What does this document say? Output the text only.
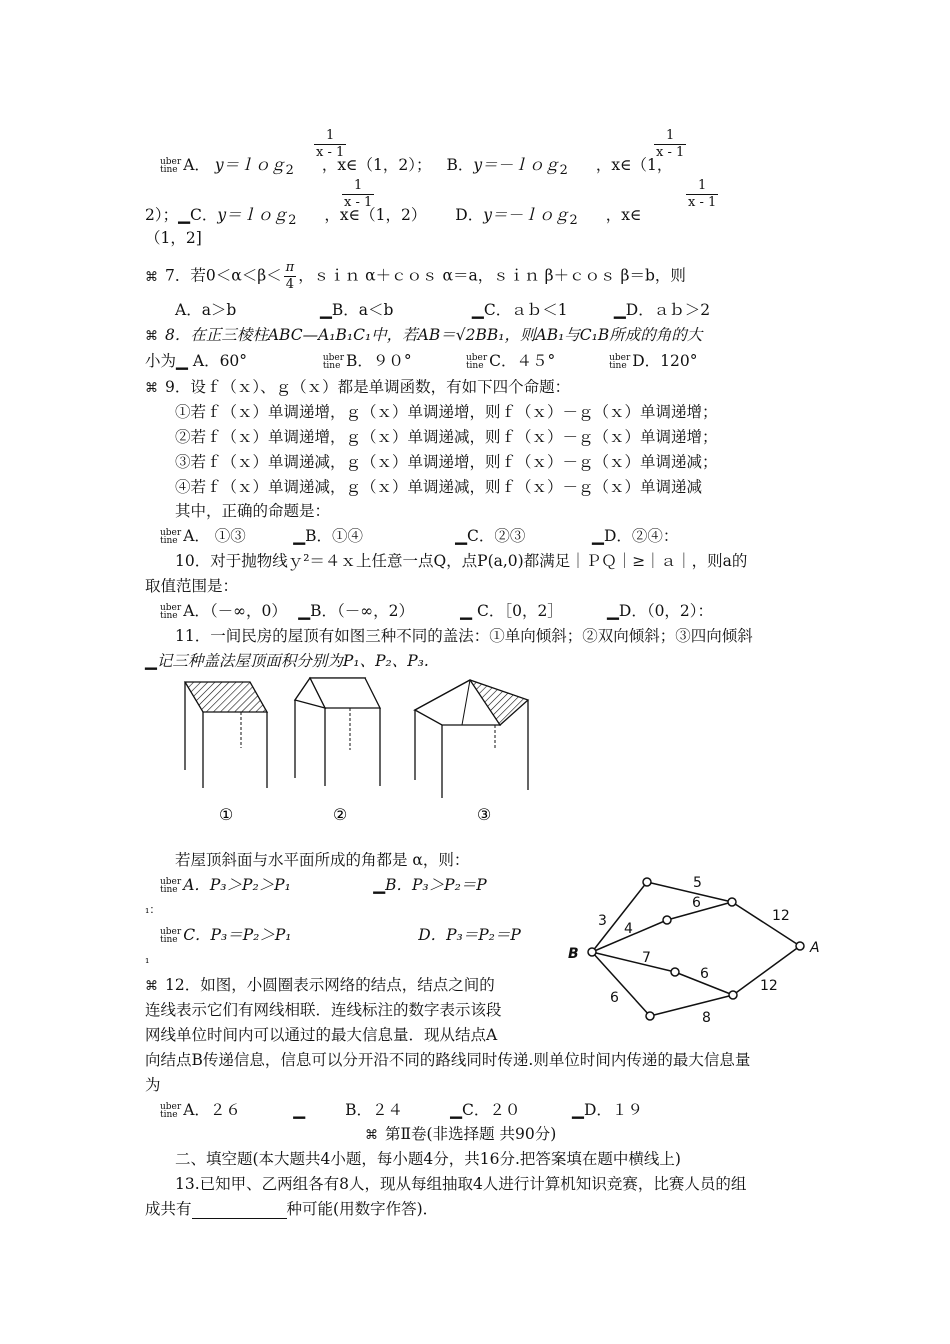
$\frac{1}{x - 1}$	$\frac{1}{x - 1}$
uber
tine A． y＝ｌｏｇ$_2$ ，x∈（1，2）； B．y＝－ｌｏｇ$_2$ ，x∈（1，
$\frac{1}{x - 1}$	$\frac{1}{x - 1}$
2）；▁C．y＝ｌｏｇ$_2$ ，x∈（1，2） D．y＝－ｌｏｇ$_2$ ，x∈
（1，2]
⌘ 7．若$0<\alpha<\beta< \frac{\pi}{4}$ ，ｓｉｎ α＋ｃｏｓ α＝a，ｓｉｎ β＋ｃｏｓ β＝b，则
A．a＞b	▁B．a＜b	▁C．ａｂ＜1	▁D．ａｂ＞2
⌘ 8．在正三棱柱ABC—A₁B₁C₁中，若AB＝√2BB₁，则AB₁与C₁B所成的角的大
小为▁ A．60°	uber
tine B．９０°	uber
tine C．４５°	uber
tine D．120°
⌘ 9．设ｆ（ｘ）、ｇ（ｘ）都是单调函数，有如下四个命题：
①若ｆ（ｘ）单调递增，ｇ（ｘ）单调递增，则ｆ（ｘ）－ｇ（ｘ）单调递增；
②若ｆ（ｘ）单调递增，ｇ（ｘ）单调递减，则ｆ（ｘ）－ｇ（ｘ）单调递增；
③若ｆ（ｘ）单调递减，ｇ（ｘ）单调递增，则ｆ（ｘ）－ｇ（ｘ）单调递减；
④若ｆ（ｘ）单调递减，ｇ（ｘ）单调递减，则ｆ（ｘ）－ｇ（ｘ）单调递减
其中，正确的命题是：
uber
tine A． ①③	▁B．①④	▁C．②③	▁D．②④：
10．对于抛物线ｙ²＝４ｘ上任意一点Q，点P(a,0)都满足｜ＰＱ｜≥｜ａ｜，则a的
取值范围是：
uber
tine A．（－∞，0） ▁B．（－∞，2）	▁ C．［0，2］	▁D．（0，2）：
11．一间民房的屋顶有如图三种不同的盖法：①单向倾斜；②双向倾斜；③四向倾斜
▁记三种盖法屋顶面积分别为P₁、P₂、P₃.
①	②	③
若屋顶斜面与水平面所成的角都是 α，则：
uber
tine A．P₃＞P₂＞P₁	▁B．P₃＞P₂＝P
₁：
uber
tine C．P₃＝P₂＞P₁	D．P₃＝P₂＝P
₁	B	A
3
5
12
4
6
7
6
12
6
8
⌘ 12．如图，小圆圈表示网络的结点，结点之间的
连线表示它们有网线相联．连线标注的数字表示该段
网线单位时间内可以通过的最大信息量．现从结点A
向结点B传递信息，信息可以分开沿不同的路线同时传递.则单位时间内传递的最大信息量
为
uber
tine A．２６	▁	B．２４	▁C．２０	▁D．１９
⌘ 第Ⅱ卷(非选择题 共90分)
二、填空题(本大题共4小题，每小题4分，共16分.把答案填在题中横线上)
13.已知甲、乙两组各有8人，现从每组抽取4人进行计算机知识竞赛，比赛人员的组
成共有	种可能(用数字作答)．
